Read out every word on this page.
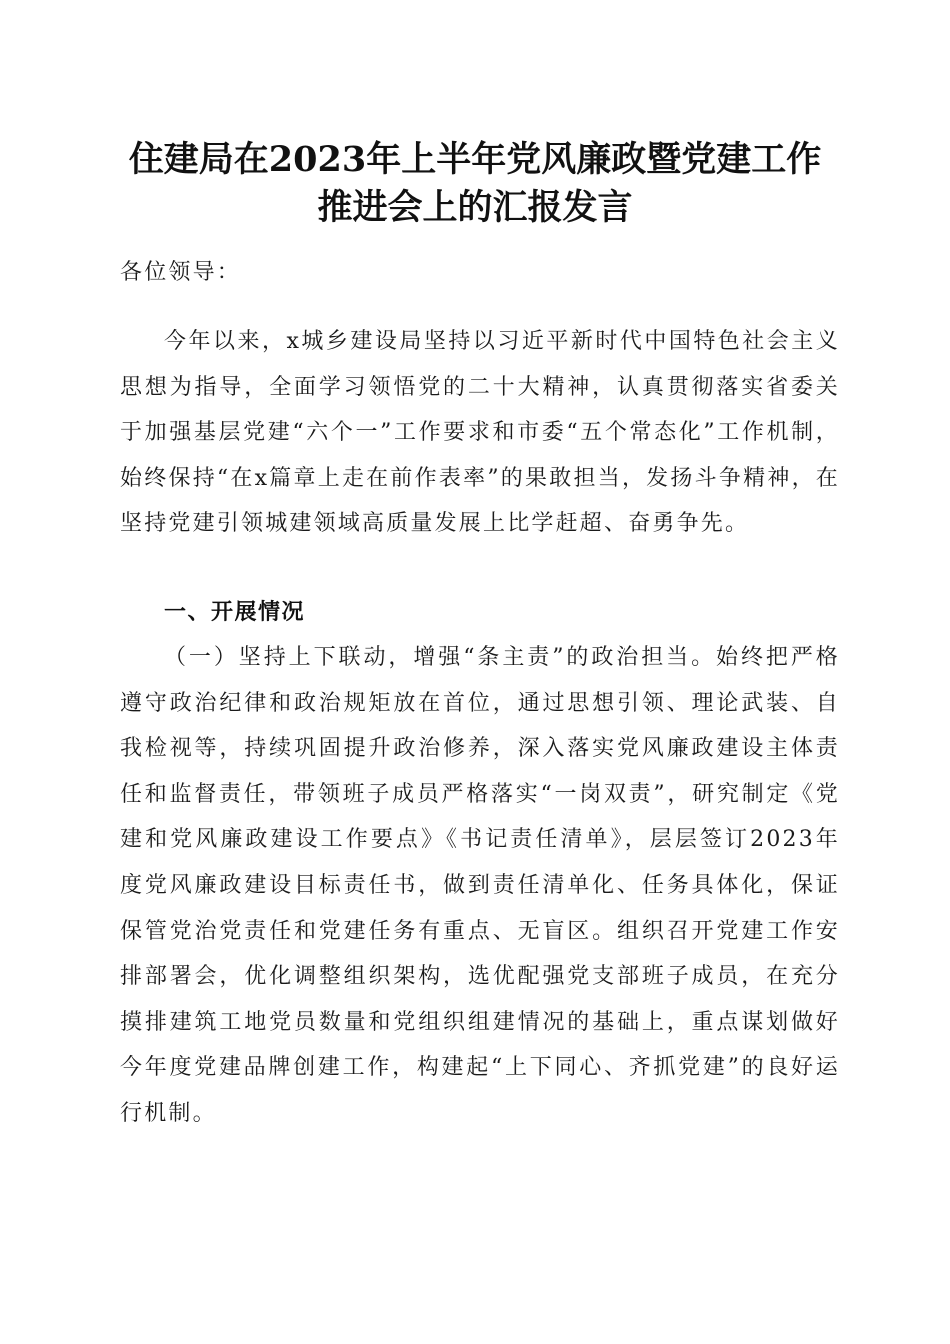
住建局在2023年上半年党风廉政暨党建工作
推进会上的汇报发言
各位领导：
今年以来，x城乡建设局坚持以习近平新时代中国特色社会主义思想为指导，全面学习领悟党的二十大精神，认真贯彻落实省委关于加强基层党建“六个一”工作要求和市委“五个常态化”工作机制，始终保持“在x篇章上走在前作表率”的果敢担当，发扬斗争精神，在坚持党建引领城建领域高质量发展上比学赶超、奋勇争先。
一、开展情况
（一）坚持上下联动，增强“条主责”的政治担当。始终把严格遵守政治纪律和政治规矩放在首位，通过思想引领、理论武装、自我检视等，持续巩固提升政治修养，深入落实党风廉政建设主体责任和监督责任，带领班子成员严格落实“一岗双责”，研究制定《党建和党风廉政建设工作要点》《书记责任清单》，层层签订2023年度党风廉政建设目标责任书，做到责任清单化、任务具体化，保证保管党治党责任和党建任务有重点、无盲区。组织召开党建工作安排部署会，优化调整组织架构，选优配强党支部班子成员，在充分摸排建筑工地党员数量和党组织组建情况的基础上，重点谋划做好今年度党建品牌创建工作，构建起“上下同心、齐抓党建”的良好运行机制。
